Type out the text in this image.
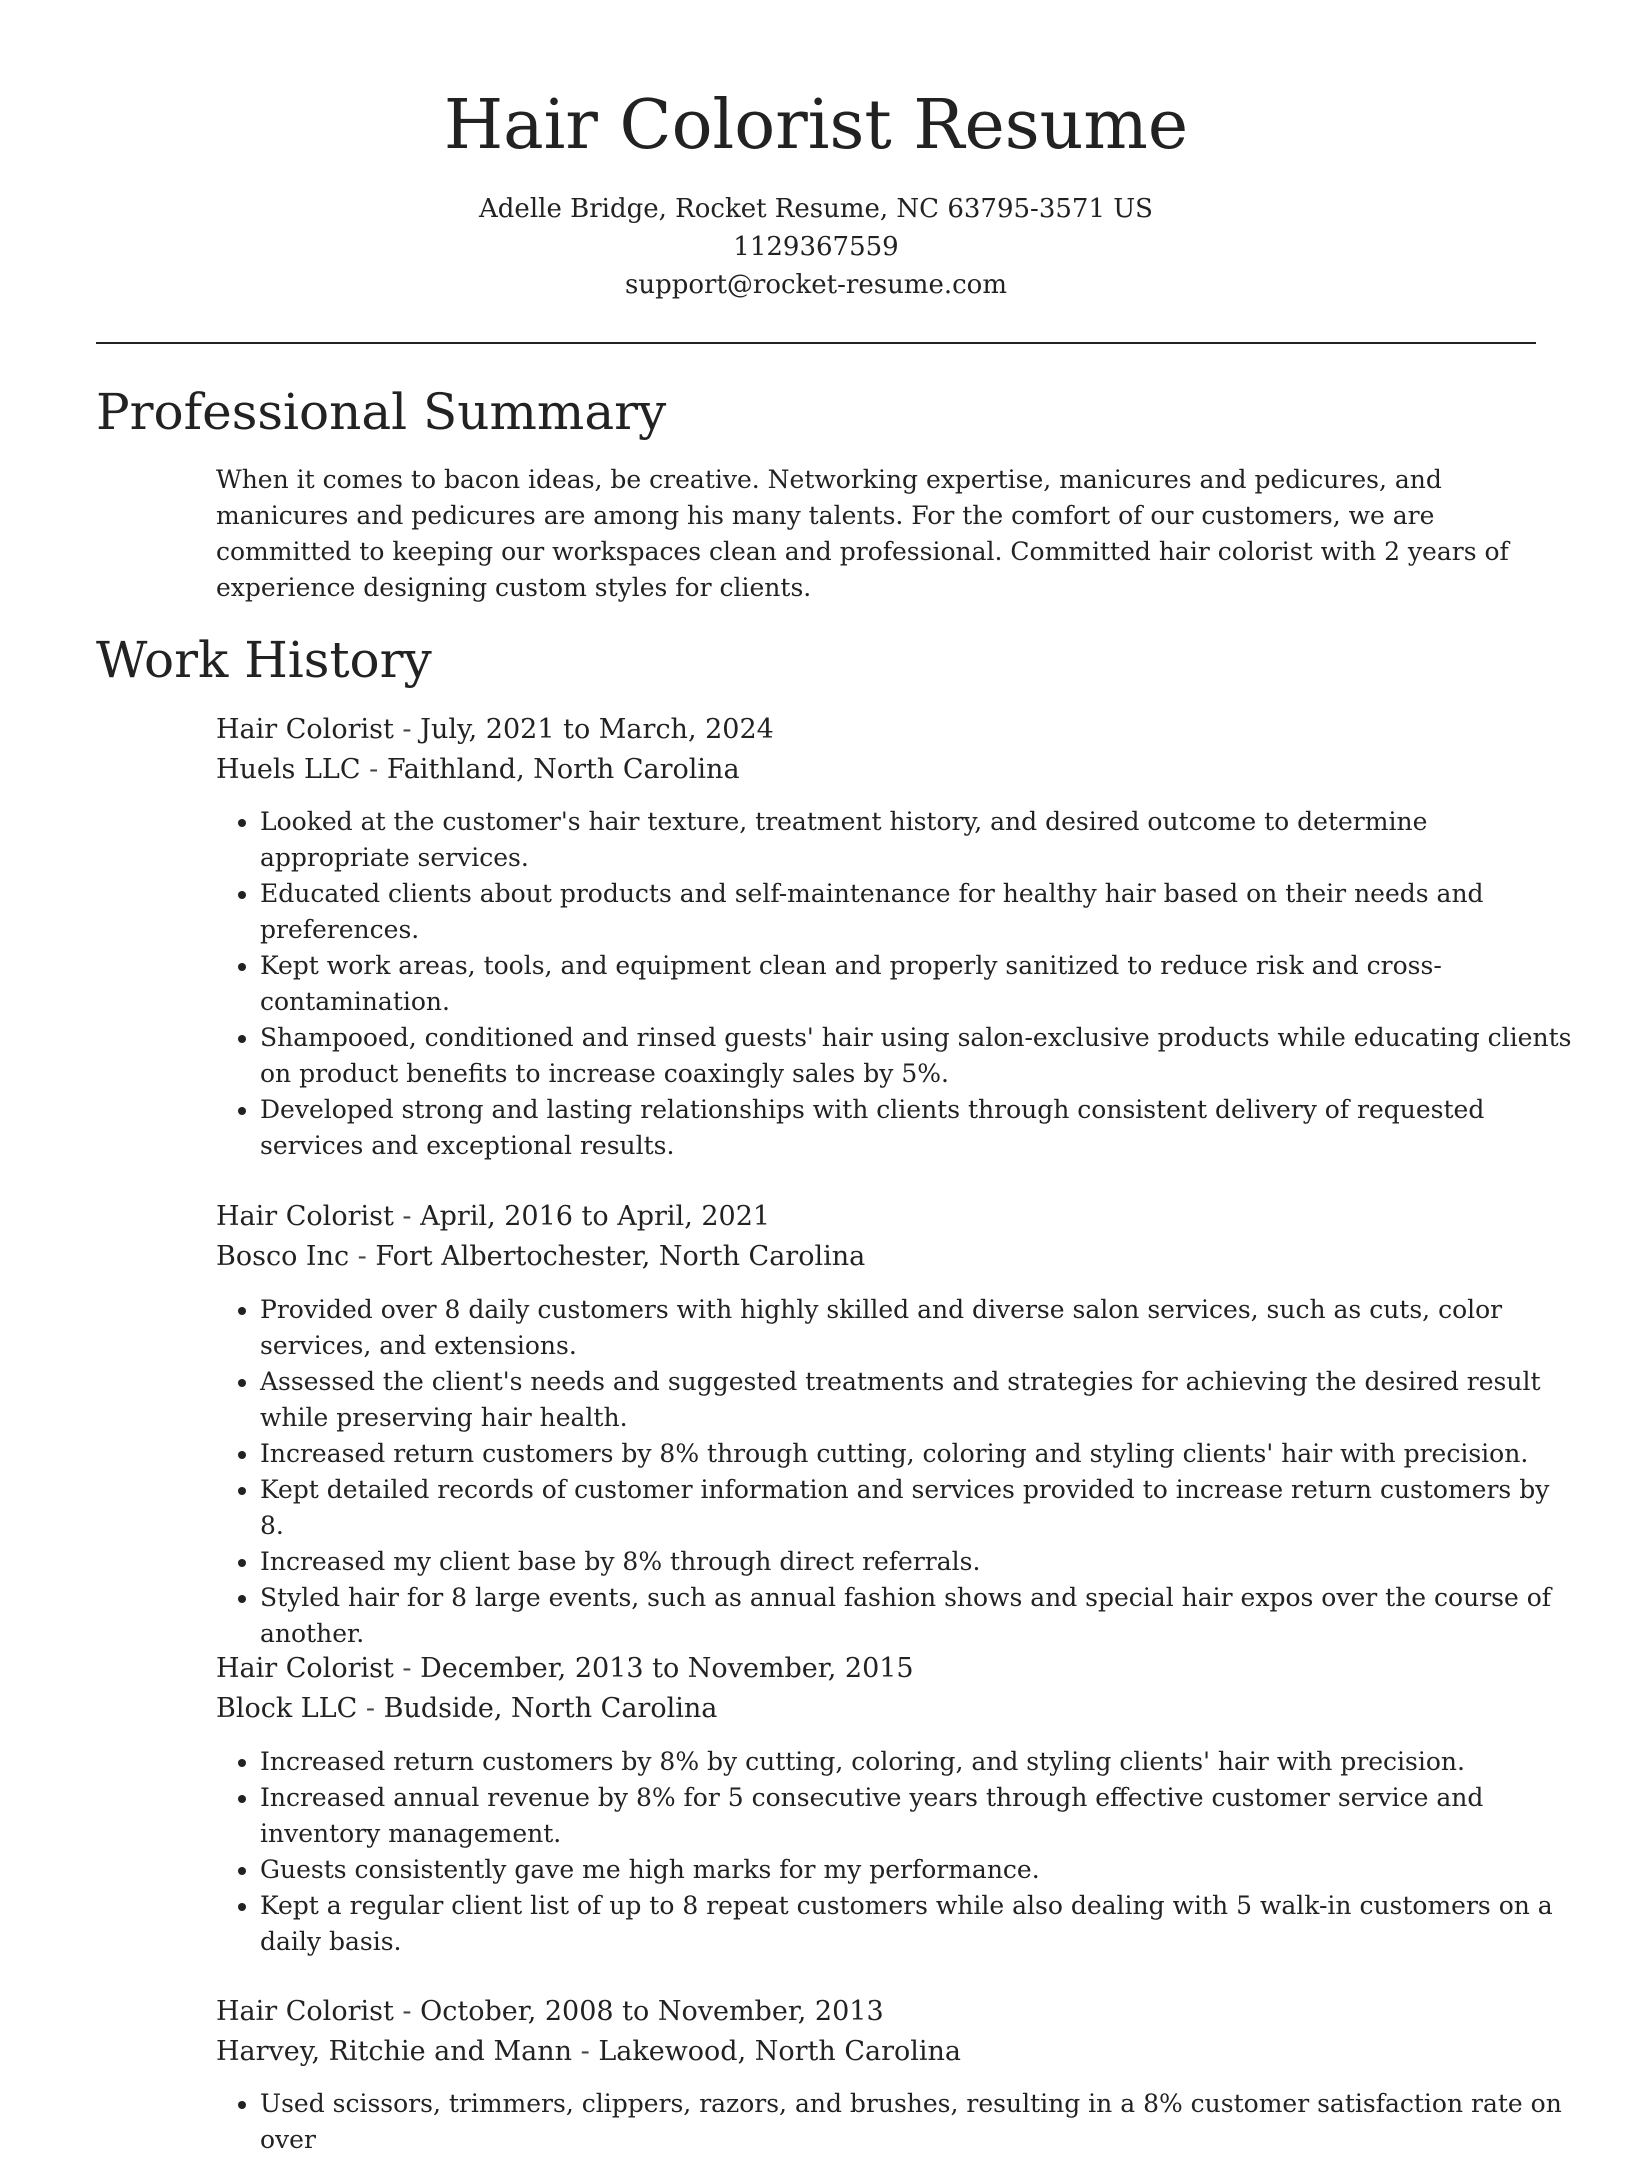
Hair Colorist Resume

Adelle Bridge, Rocket Resume, NC 63795-3571 US

1129367559

support@rocket-resume.com

Professional Summary

When it comes to bacon ideas, be creative. Networking expertise, manicures and pedicures, and manicures and pedicures are among his many talents. For the comfort of our customers, we are committed to keeping our workspaces clean and professional. Committed hair colorist with 2 years of experience designing custom styles for clients.

Work History

Hair Colorist - July, 2021 to March, 2024

Huels LLC - Faithland, North Carolina

• Looked at the customer's hair texture, treatment history, and desired outcome to determine appropriate services.
• Educated clients about products and self-maintenance for healthy hair based on their needs and preferences.
• Kept work areas, tools, and equipment clean and properly sanitized to reduce risk and cross-contamination.
• Shampooed, conditioned and rinsed guests' hair using salon-exclusive products while educating clients on product benefits to increase coaxingly sales by 5%.
• Developed strong and lasting relationships with clients through consistent delivery of requested services and exceptional results.

Hair Colorist - April, 2016 to April, 2021

Bosco Inc - Fort Albertochester, North Carolina

• Provided over 8 daily customers with highly skilled and diverse salon services, such as cuts, color services, and extensions.
• Assessed the client's needs and suggested treatments and strategies for achieving the desired result while preserving hair health.
• Increased return customers by 8% through cutting, coloring and styling clients' hair with precision.
• Kept detailed records of customer information and services provided to increase return customers by 8.
• Increased my client base by 8% through direct referrals.
• Styled hair for 8 large events, such as annual fashion shows and special hair expos over the course of another.

Hair Colorist - December, 2013 to November, 2015

Block LLC - Budside, North Carolina

• Increased return customers by 8% by cutting, coloring, and styling clients' hair with precision.
• Increased annual revenue by 8% for 5 consecutive years through effective customer service and inventory management.
• Guests consistently gave me high marks for my performance.
• Kept a regular client list of up to 8 repeat customers while also dealing with 5 walk-in customers on a daily basis.

Hair Colorist - October, 2008 to November, 2013

Harvey, Ritchie and Mann - Lakewood, North Carolina

• Used scissors, trimmers, clippers, razors, and brushes, resulting in a 8% customer satisfaction rate on over
